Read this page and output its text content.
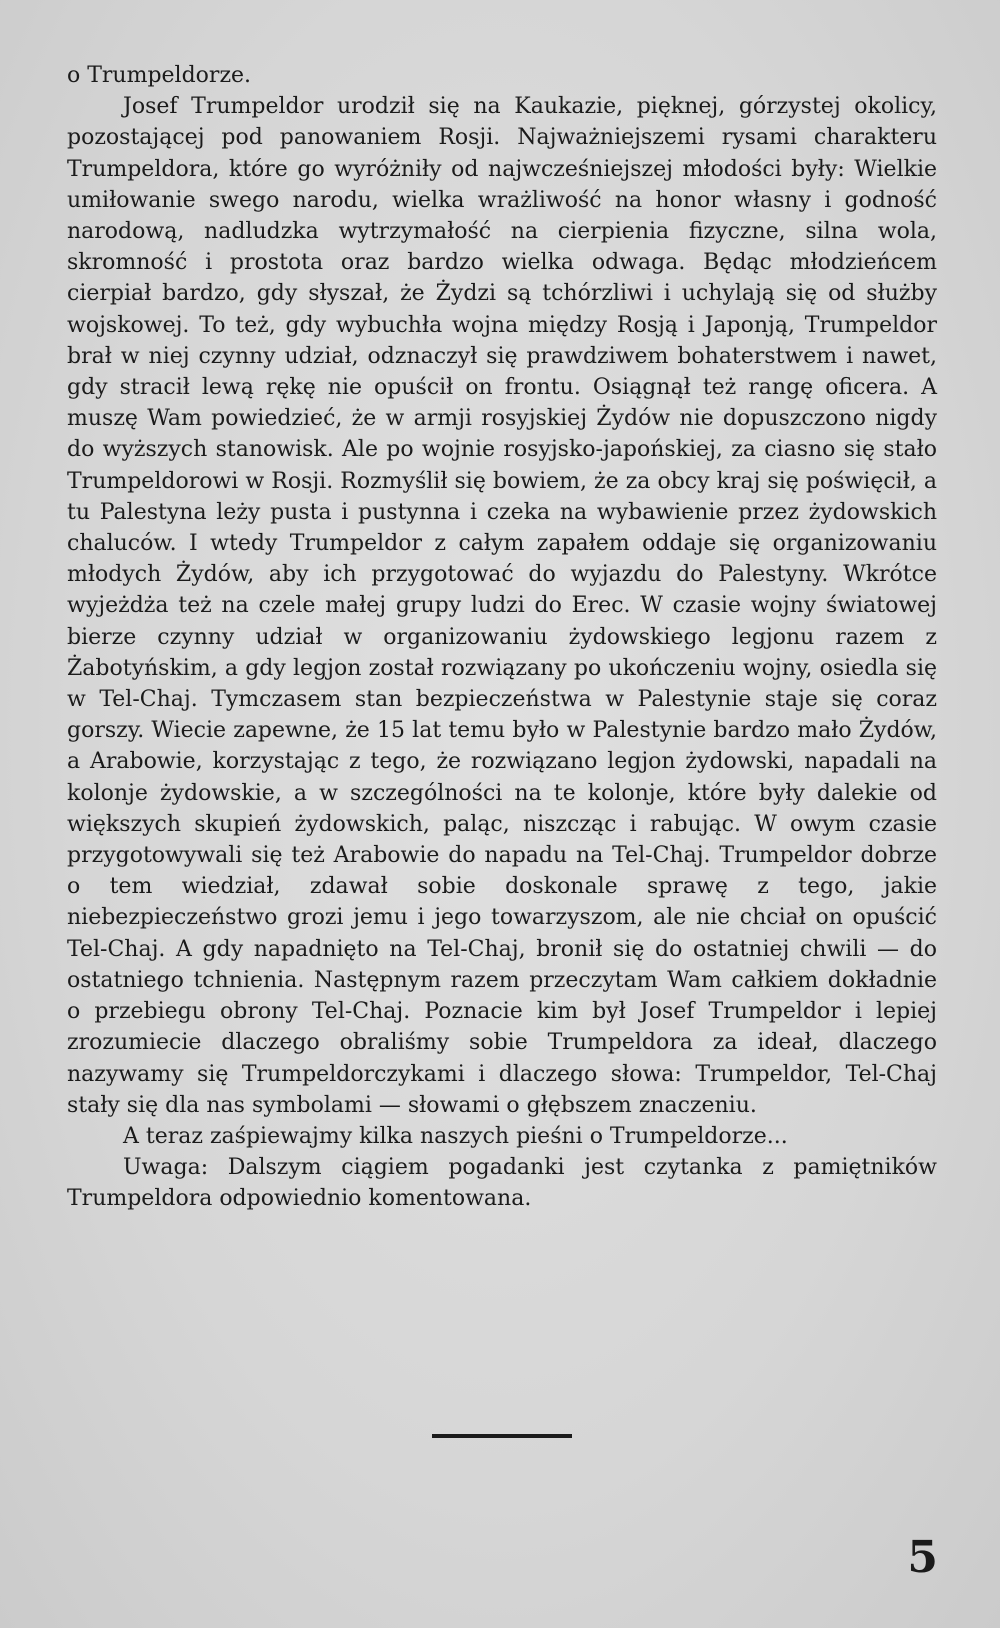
o Trumpeldorze.

Josef Trumpeldor urodził się na Kaukazie, pięknej, górzystej okolicy, pozostającej pod panowaniem Rosji. Najważniejszemi rysami charakteru Trumpeldora, które go wyróżniły od najwcześniejszej młodości były: Wielkie umiłowanie swego narodu, wielka wrażliwość na honor własny i godność narodową, nadludzka wytrzymałość na cierpienia fizyczne, silna wola, skromność i prostota oraz bardzo wielka odwaga. Będąc młodzieńcem cierpiał bardzo, gdy słyszał, że Żydzi są tchórzliwi i uchylają się od służby wojskowej. To też, gdy wybuchła wojna między Rosją i Japonją, Trumpeldor brał w niej czynny udział, odznaczył się prawdziwem bohaterstwem i nawet, gdy stracił lewą rękę nie opuścił on frontu. Osiągnął też rangę oficera. A muszę Wam powiedzieć, że w armji rosyjskiej Żydów nie dopuszczono nigdy do wyższych stanowisk. Ale po wojnie rosyjsko-japońskiej, za ciasno się stało Trumpeldorowi w Rosji. Rozmyślił się bowiem, że za obcy kraj się poświęcił, a tu Palestyna leży pusta i pustynna i czeka na wybawienie przez żydowskich chaluców. I wtedy Trumpeldor z całym zapałem oddaje się organizowaniu młodych Żydów, aby ich przygotować do wyjazdu do Palestyny. Wkrótce wyjeżdża też na czele małej grupy ludzi do Erec. W czasie wojny światowej bierze czynny udział w organizowaniu żydowskiego legjonu razem z Żabotyńskim, a gdy legjon został rozwiązany po ukończeniu wojny, osiedla się w Tel-Chaj. Tymczasem stan bezpieczeństwa w Palestynie staje się coraz gorszy. Wiecie zapewne, że 15 lat temu było w Palestynie bardzo mało Żydów, a Arabowie, korzystając z tego, że rozwiązano legjon żydowski, napadali na kolonje żydowskie, a w szczególności na te kolonje, które były dalekie od większych skupień żydowskich, paląc, niszcząc i rabując. W owym czasie przygotowywali się też Arabowie do napadu na Tel-Chaj. Trumpeldor dobrze o tem wiedział, zdawał sobie doskonale sprawę z tego, jakie niebezpieczeństwo grozi jemu i jego towarzyszom, ale nie chciał on opuścić Tel-Chaj. A gdy napadnięto na Tel-Chaj, bronił się do ostatniej chwili — do ostatniego tchnienia. Następnym razem przeczytam Wam całkiem dokładnie o przebiegu obrony Tel-Chaj. Poznacie kim był Josef Trumpeldor i lepiej zrozumiecie dlaczego obraliśmy sobie Trumpeldora za ideał, dlaczego nazywamy się Trumpeldorczykami i dlaczego słowa: Trumpeldor, Tel-Chaj stały się dla nas symbolami — słowami o głębszem znaczeniu.

A teraz zaśpiewajmy kilka naszych pieśni o Trumpeldorze...

Uwaga: Dalszym ciągiem pogadanki jest czytanka z pamiętników Trumpeldora odpowiednio komentowana.

5
